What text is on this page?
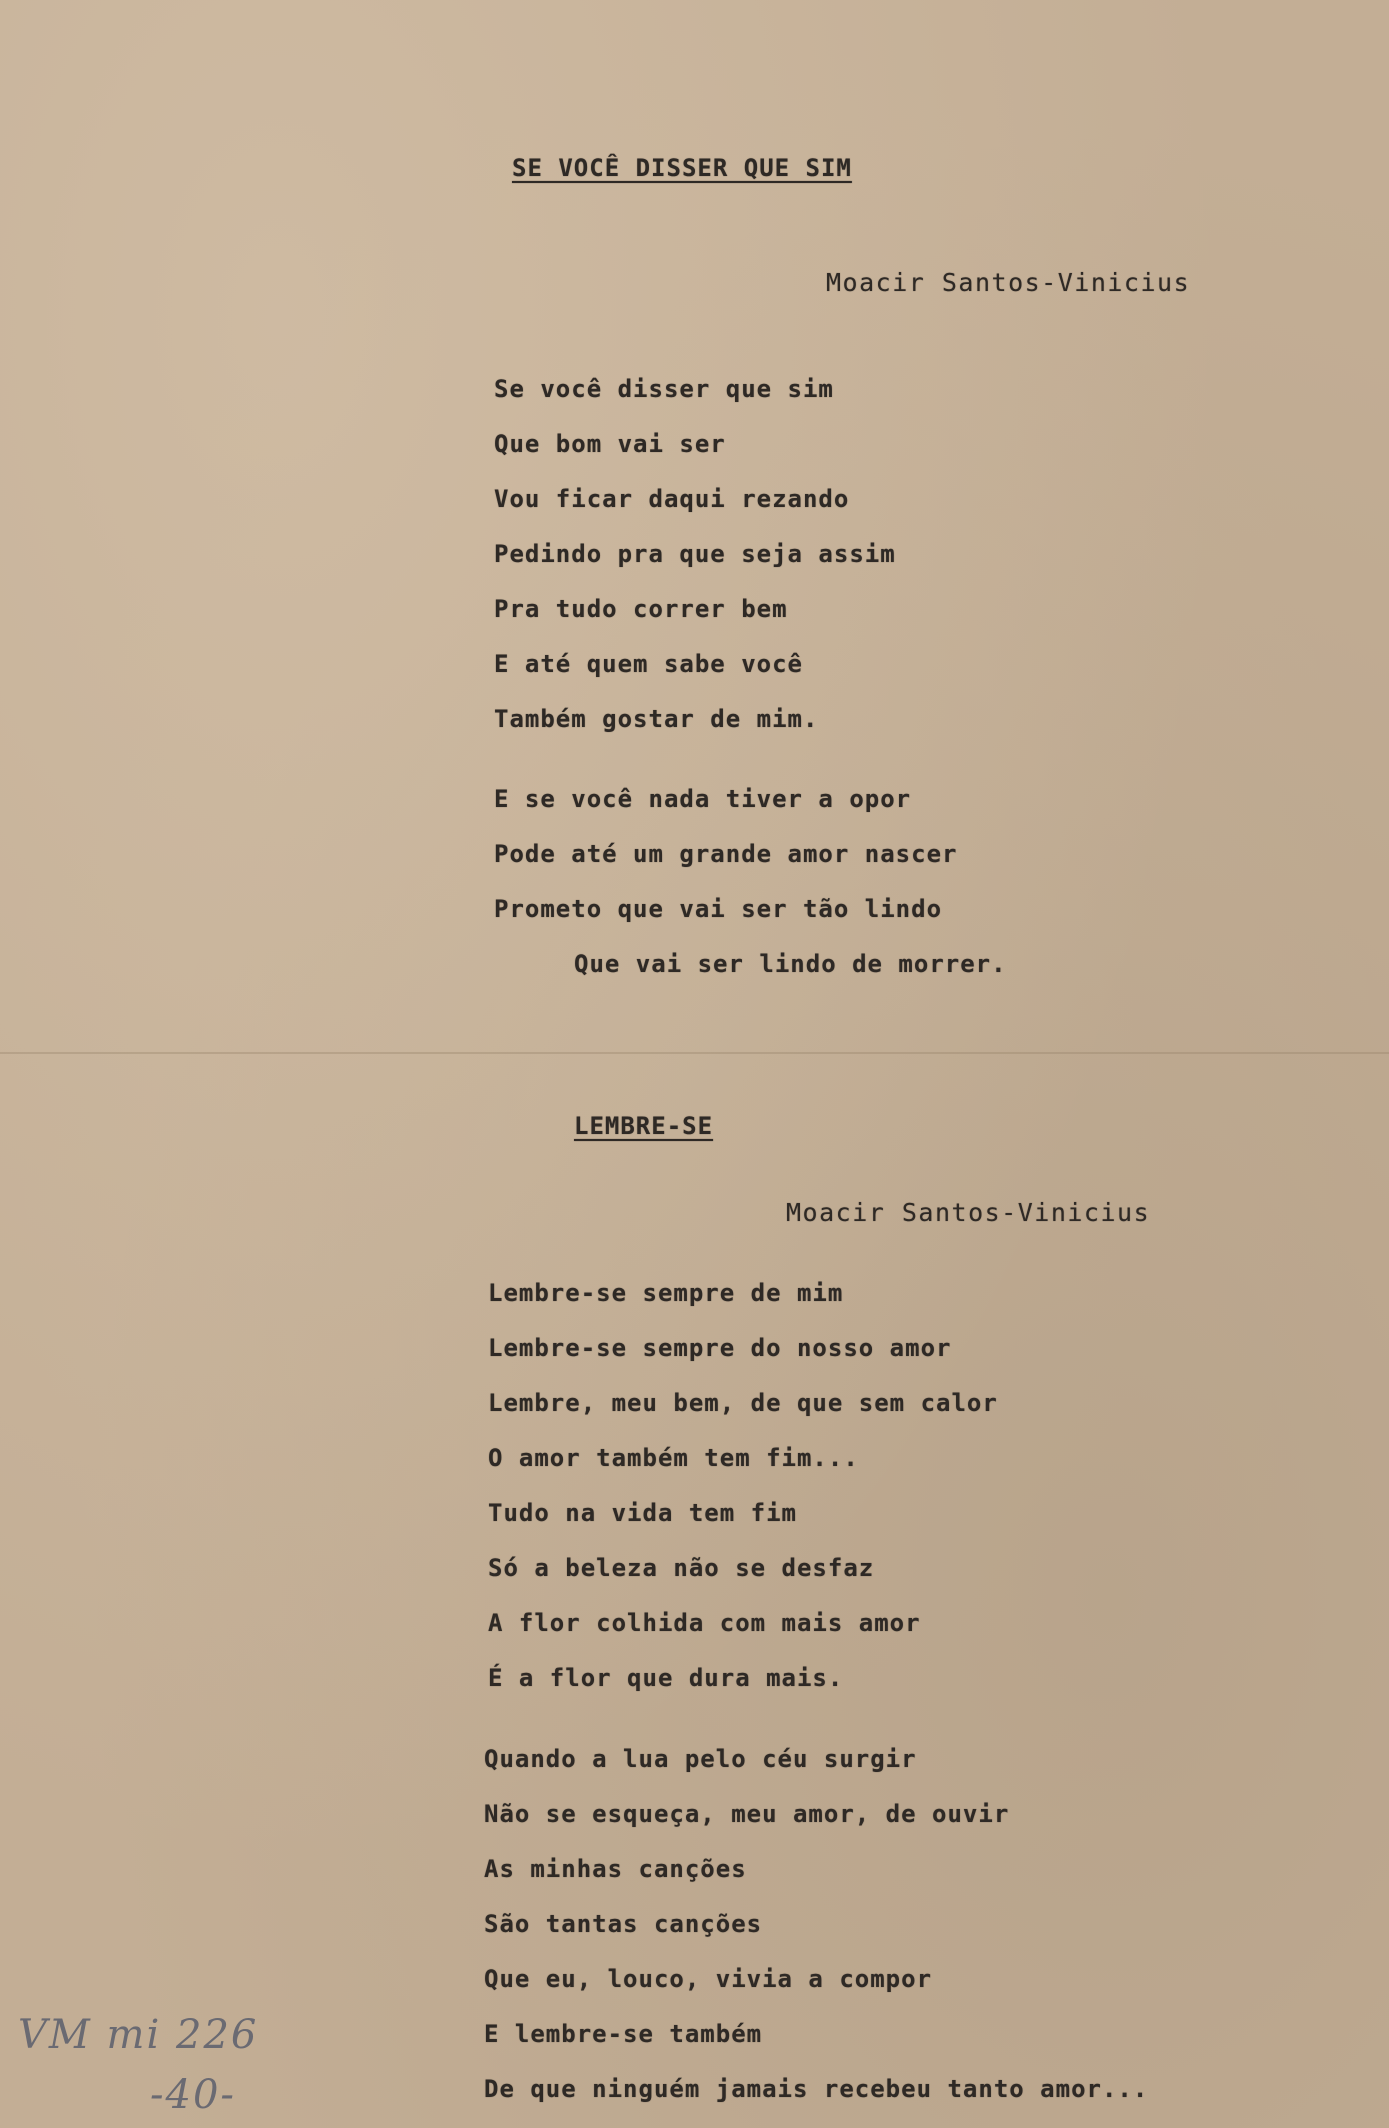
SE VOCÊ DISSER QUE SIM
Moacir Santos-Vinicius
Se você disser que sim
Que bom vai ser
Vou ficar daqui rezando
Pedindo pra que seja assim
Pra tudo correr bem
E até quem sabe você
Também gostar de mim.
E se você nada tiver a opor
Pode até um grande amor nascer
Prometo que vai ser tão lindo
Que vai ser lindo de morrer.
LEMBRE-SE
Moacir Santos-Vinicius
Lembre-se sempre de mim
Lembre-se sempre do nosso amor
Lembre, meu bem, de que sem calor
O amor também tem fim...
Tudo na vida tem fim
Só a beleza não se desfaz
A flor colhida com mais amor
É a flor que dura mais.
Quando a lua pelo céu surgir
Não se esqueça, meu amor, de ouvir
As minhas canções
São tantas canções
Que eu, louco, vivia a compor
E lembre-se também
De que ninguém jamais recebeu tanto amor...
VM mi 226
-40-
